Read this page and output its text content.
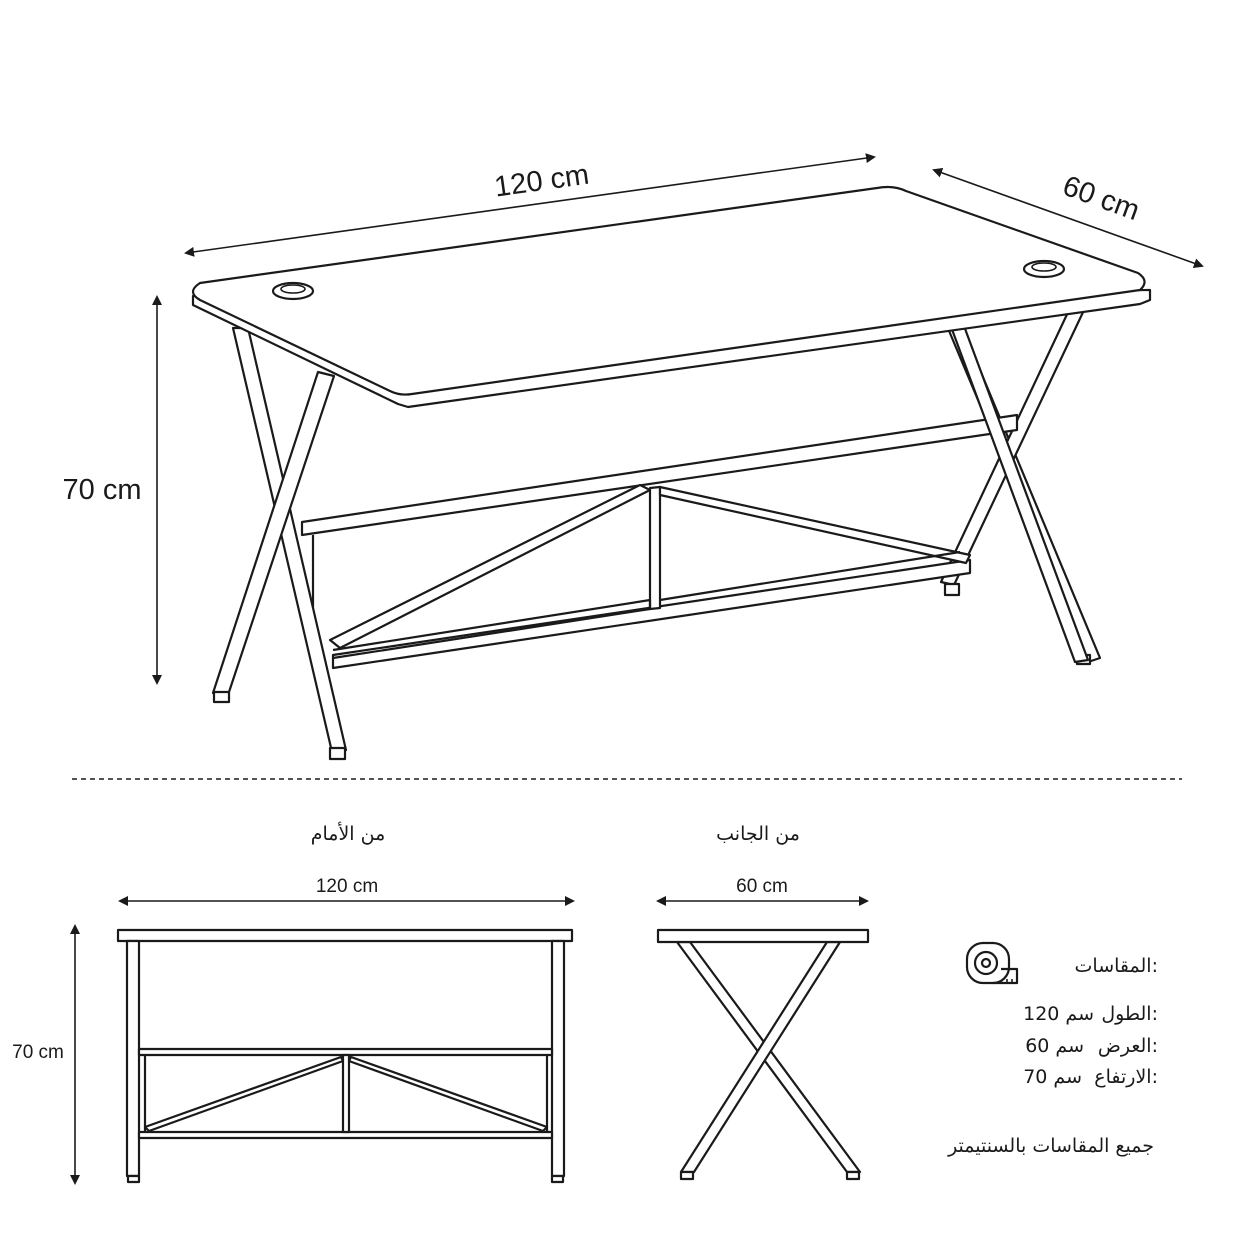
120 cm	60 cm
70 cm
من الأمام
120 cm
70 cm
من الجانب
60 cm
المقاسات:
الطول:
120 سم
العرض:
60 سم
الارتفاع:
70 سم
جميع المقاسات بالسنتيمتر
